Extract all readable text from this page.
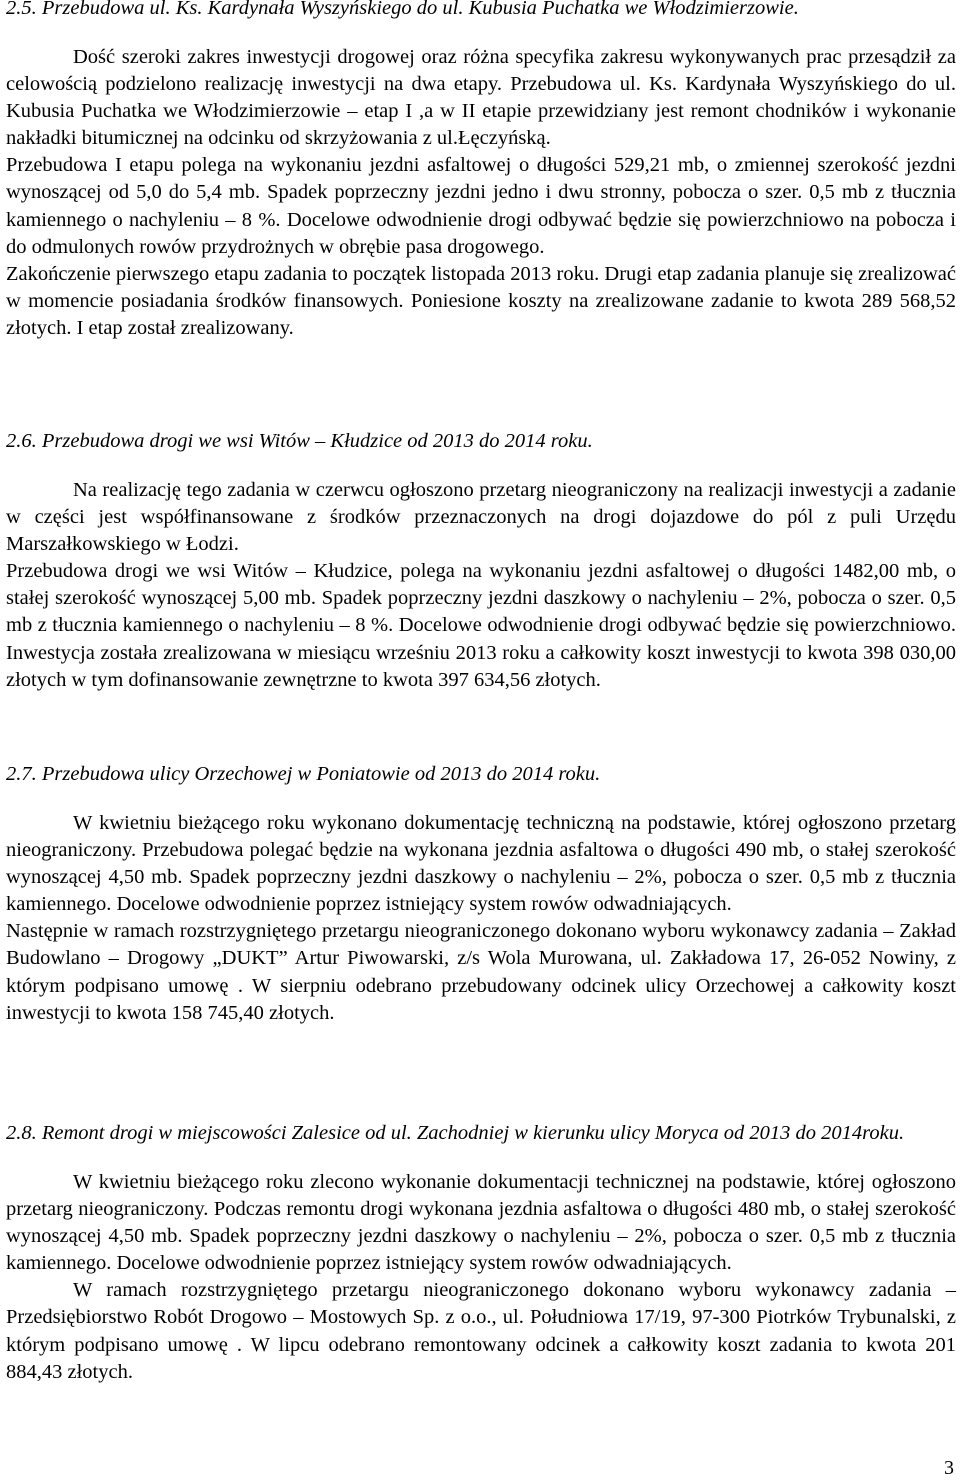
2.5. Przebudowa ul. Ks. Kardynała Wyszyńskiego do ul. Kubusia Puchatka we Włodzimierzowie.

Dość szeroki zakres inwestycji drogowej oraz różna specyfika zakresu wykonywanych prac przesądził za celowością podzielono realizację inwestycji na dwa etapy. Przebudowa ul. Ks. Kardynała Wyszyńskiego do ul. Kubusia Puchatka we Włodzimierzowie – etap I ,a w II etapie przewidziany jest remont chodników i wykonanie nakładki bitumicznej na odcinku od skrzyżowania z ul.Łęczyńską.

Przebudowa I etapu polega na wykonaniu jezdni asfaltowej o długości 529,21 mb, o zmiennej szerokość jezdni wynoszącej od 5,0 do 5,4 mb. Spadek poprzeczny jezdni jedno i dwu stronny, pobocza o szer. 0,5 mb z tłucznia kamiennego o nachyleniu – 8 %. Docelowe odwodnienie drogi odbywać będzie się powierzchniowo na pobocza i do odmulonych rowów przydrożnych w obrębie pasa drogowego.

Zakończenie pierwszego etapu zadania to początek listopada 2013 roku. Drugi etap zadania planuje się zrealizować w momencie posiadania środków finansowych. Poniesione koszty na zrealizowane zadanie to kwota 289 568,52 złotych. I etap został zrealizowany.

2.6. Przebudowa drogi we wsi Witów – Kłudzice od 2013 do 2014 roku.

Na realizację tego zadania w czerwcu ogłoszono przetarg nieograniczony na realizacji inwestycji a zadanie w części jest współfinansowane z środków przeznaczonych na drogi dojazdowe do pól z puli Urzędu Marszałkowskiego w Łodzi.

Przebudowa drogi we wsi Witów – Kłudzice, polega na wykonaniu jezdni asfaltowej o długości 1482,00 mb, o stałej szerokość wynoszącej 5,00 mb. Spadek poprzeczny jezdni daszkowy o nachyleniu – 2%, pobocza o szer. 0,5 mb z tłucznia kamiennego o nachyleniu – 8 %. Docelowe odwodnienie drogi odbywać będzie się powierzchniowo. Inwestycja została zrealizowana w miesiącu wrześniu 2013 roku a całkowity koszt inwestycji to kwota 398 030,00 złotych w tym dofinansowanie zewnętrzne to kwota 397 634,56 złotych.

2.7. Przebudowa ulicy Orzechowej w Poniatowie od 2013 do 2014 roku.

W kwietniu bieżącego roku wykonano dokumentację techniczną na podstawie, której ogłoszono przetarg nieograniczony. Przebudowa polegać będzie na wykonana jezdnia asfaltowa o długości 490 mb, o stałej szerokość wynoszącej 4,50 mb. Spadek poprzeczny jezdni daszkowy o nachyleniu – 2%, pobocza o szer. 0,5 mb z tłucznia kamiennego. Docelowe odwodnienie poprzez istniejący system rowów odwadniających.

Następnie w ramach rozstrzygniętego przetargu nieograniczonego dokonano wyboru wykonawcy zadania – Zakład Budowlano – Drogowy „DUKT” Artur Piwowarski, z/s Wola Murowana, ul. Zakładowa 17, 26-052 Nowiny, z którym podpisano umowę . W sierpniu odebrano przebudowany odcinek ulicy Orzechowej a całkowity koszt inwestycji to kwota 158 745,40 złotych.

2.8. Remont drogi w miejscowości Zalesice od ul. Zachodniej w kierunku ulicy Moryca od 2013 do 2014roku.

W kwietniu bieżącego roku zlecono wykonanie dokumentacji technicznej na podstawie, której ogłoszono przetarg nieograniczony. Podczas remontu drogi wykonana jezdnia asfaltowa o długości 480 mb, o stałej szerokość wynoszącej 4,50 mb. Spadek poprzeczny jezdni daszkowy o nachyleniu – 2%, pobocza o szer. 0,5 mb z tłucznia kamiennego. Docelowe odwodnienie poprzez istniejący system rowów odwadniających.

W ramach rozstrzygniętego przetargu nieograniczonego dokonano wyboru wykonawcy zadania – Przedsiębiorstwo Robót Drogowo – Mostowych Sp. z o.o., ul. Południowa 17/19, 97-300 Piotrków Trybunalski, z którym podpisano umowę . W lipcu odebrano remontowany odcinek a całkowity koszt zadania to kwota 201 884,43 złotych.

3
